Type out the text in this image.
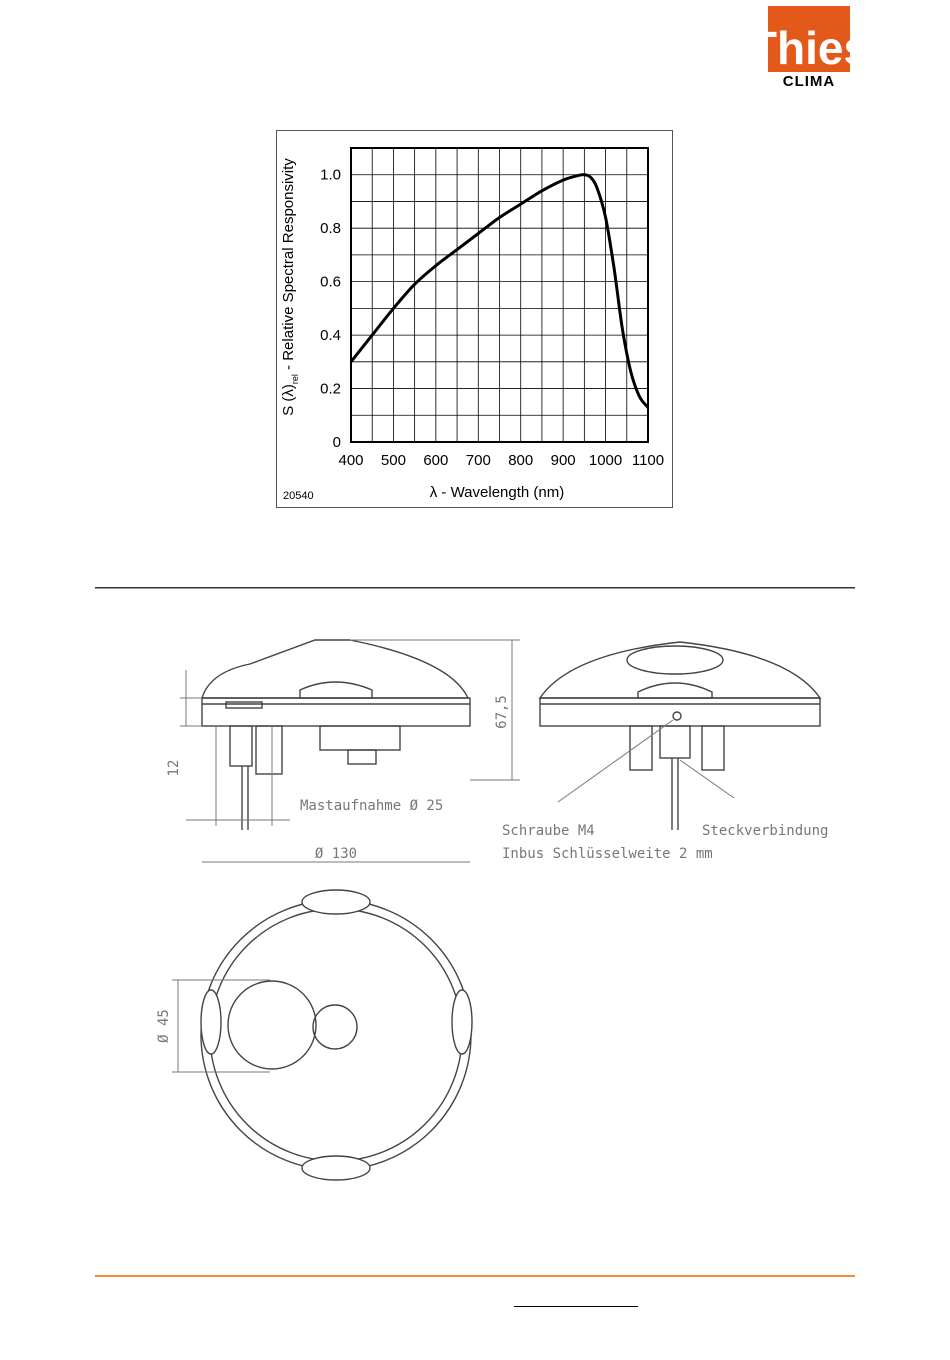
Thies
CLIMA
400 500 600 700 800 900 1000 1100
0
0.2
0.4
0.6
0.8
1.0
20540	λ - Wavelength (nm)
S $(\lambda)_{rel}$ - Relative Spectral Responsivity
12
67,5
Mastaufnahme Ø 25
Schraube M4
Inbus Schlüsselweite 2 mm
Steckverbindung
Ø 130
Ø 45
